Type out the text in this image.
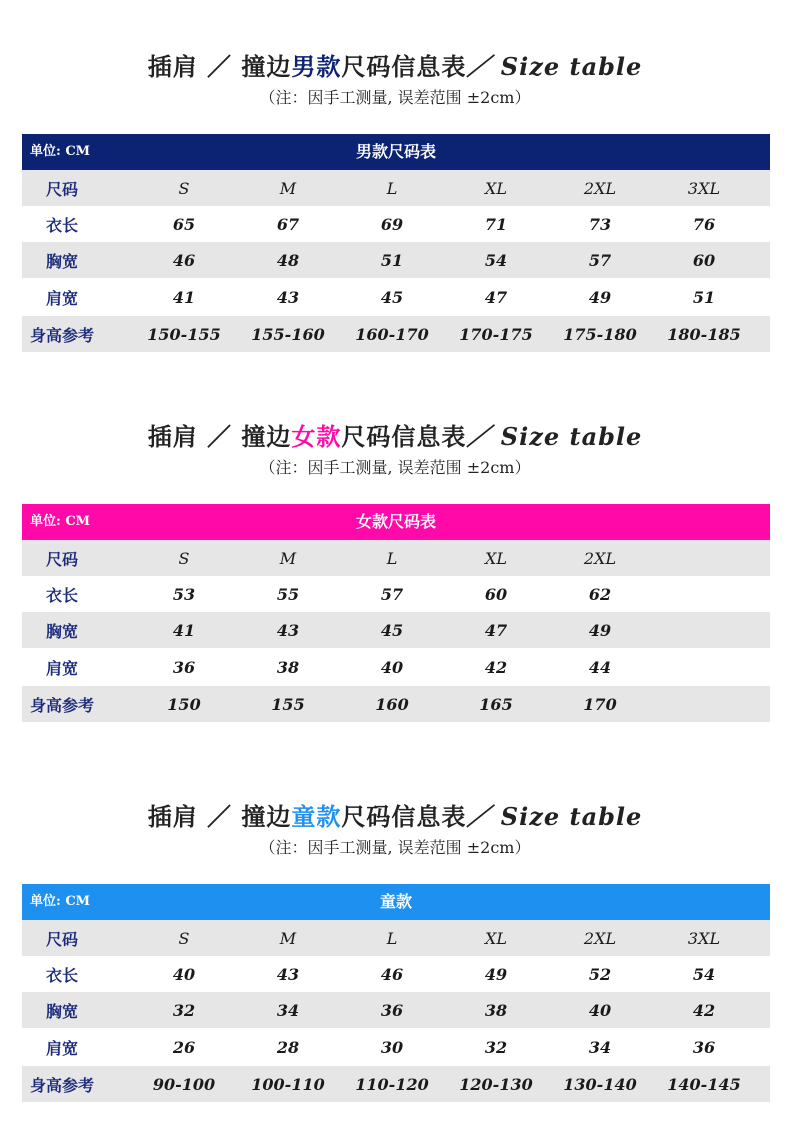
插肩 ／ 撞边男款尺码信息表／ Size table
（注：因手工测量, 误差范围 ±2cm）
单位: CM	男款尺码表
尺码	S	M	L	XL	2XL	3XL
衣长	65	67	69	71	73	76
胸宽	46	48	51	54	57	60
肩宽	41	43	45	47	49	51
身高参考	150-155	155-160	160-170	170-175	175-180	180-185
插肩 ／ 撞边女款尺码信息表／ Size table
（注：因手工测量, 误差范围 ±2cm）
单位: CM	女款尺码表
尺码	S	M	L	XL	2XL
衣长	53	55	57	60	62
胸宽	41	43	45	47	49
肩宽	36	38	40	42	44
身高参考	150	155	160	165	170
插肩 ／ 撞边童款尺码信息表／ Size table
（注：因手工测量, 误差范围 ±2cm）
单位: CM	童款
尺码	S	M	L	XL	2XL	3XL
衣长	40	43	46	49	52	54
胸宽	32	34	36	38	40	42
肩宽	26	28	30	32	34	36
身高参考	90-100	100-110	110-120	120-130	130-140	140-145
